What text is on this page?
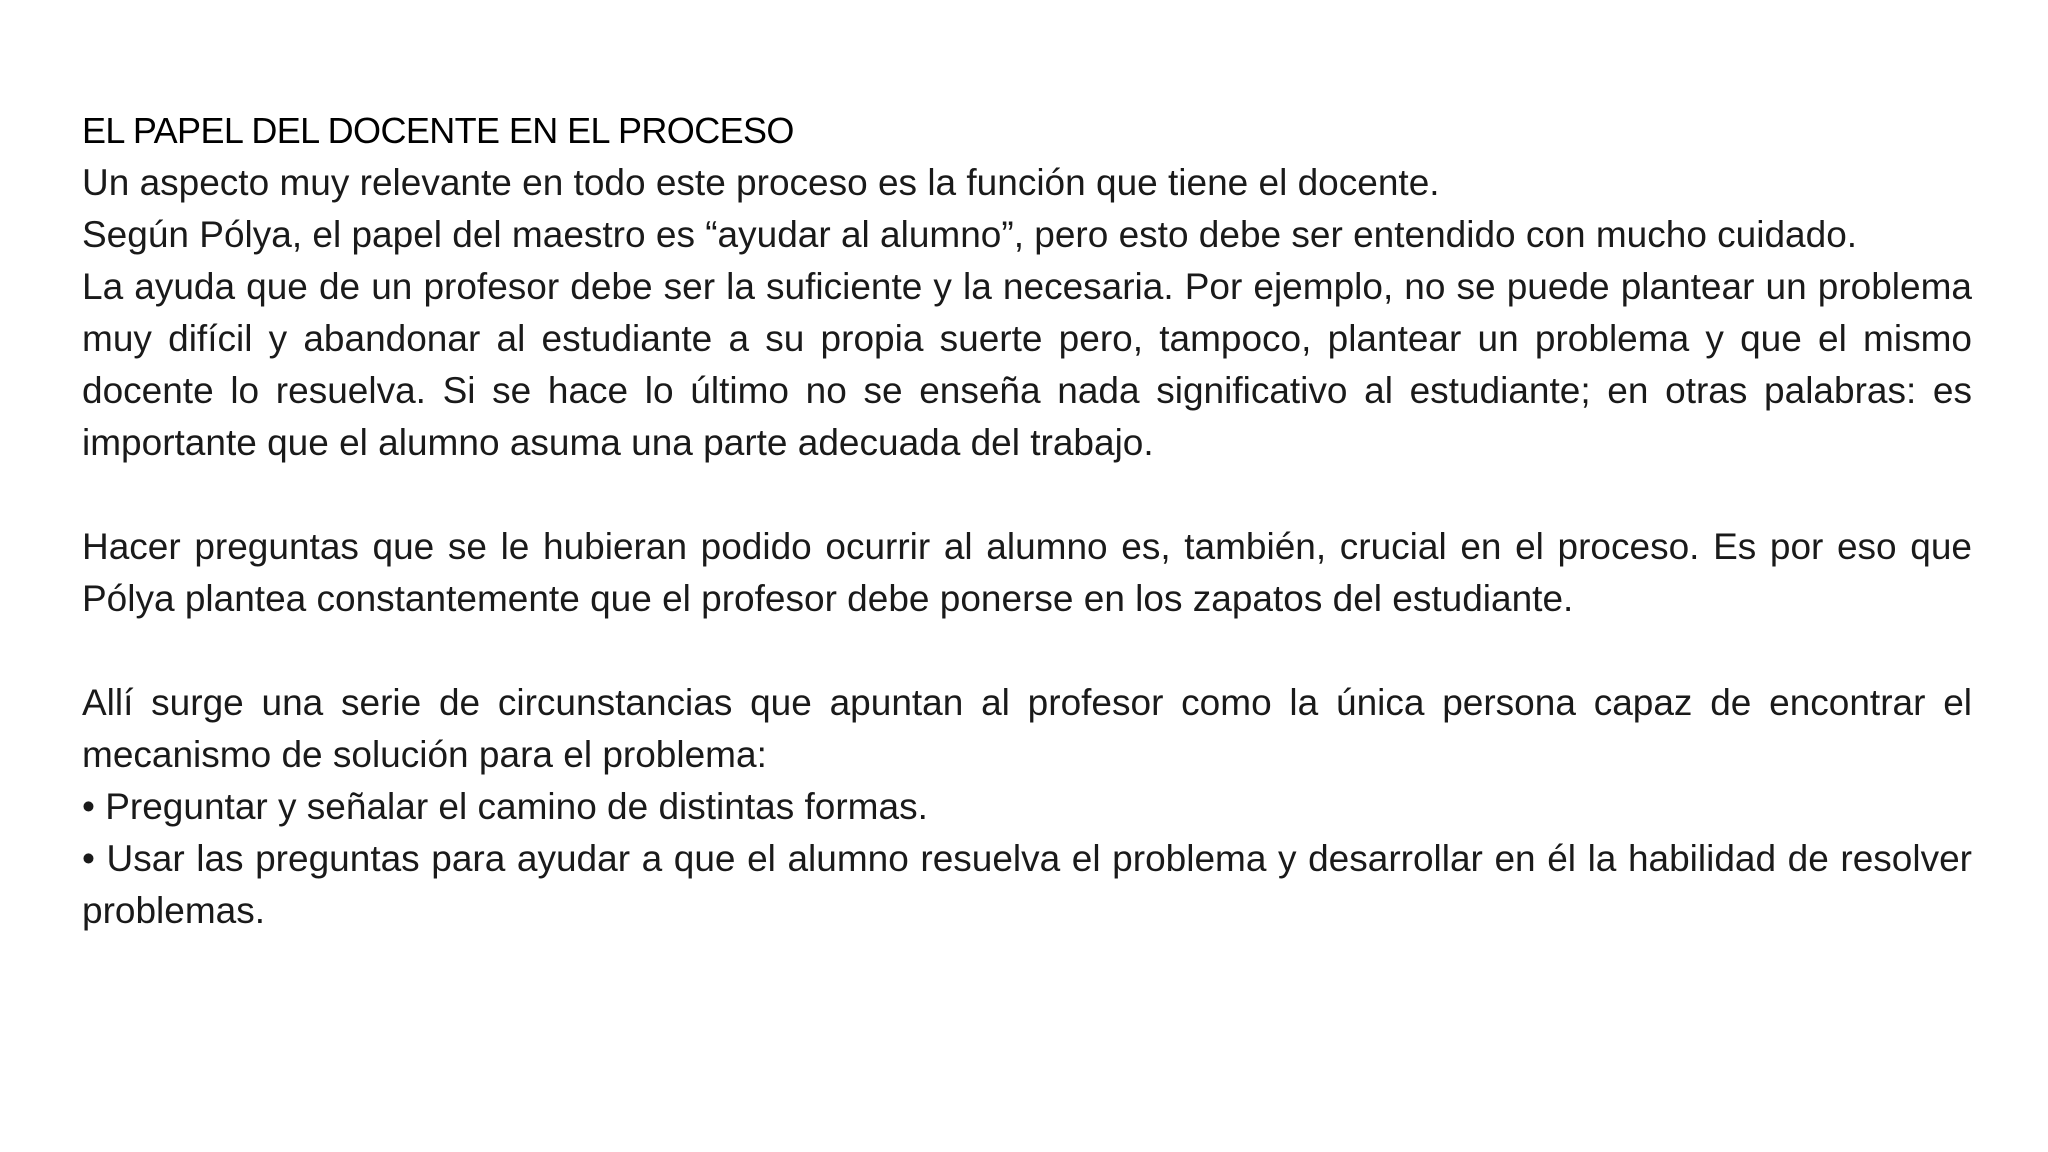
EL PAPEL DEL DOCENTE EN EL PROCESO

Un aspecto muy relevante en todo este proceso es la función que tiene el docente.

Según Pólya, el papel del maestro es “ayudar al alumno”, pero esto debe ser entendido con mucho cuidado.

La ayuda que de un profesor debe ser la suficiente y la necesaria. Por ejemplo, no se puede plantear un problema muy difícil y abandonar al estudiante a su propia suerte pero, tampoco, plantear un problema y que el mismo docente lo resuelva. Si se hace lo último no se enseña nada significativo al estudiante; en otras palabras: es importante que el alumno asuma una parte adecuada del trabajo.

Hacer preguntas que se le hubieran podido ocurrir al alumno es, también, crucial en el proceso. Es por eso que Pólya plantea constantemente que el profesor debe ponerse en los zapatos del estudiante.

Allí surge una serie de circunstancias que apuntan al profesor como la única persona capaz de encontrar el mecanismo de solución para el problema:

• Preguntar y señalar el camino de distintas formas.

• Usar las preguntas para ayudar a que el alumno resuelva el problema y desarrollar en él la habilidad de resolver problemas.
